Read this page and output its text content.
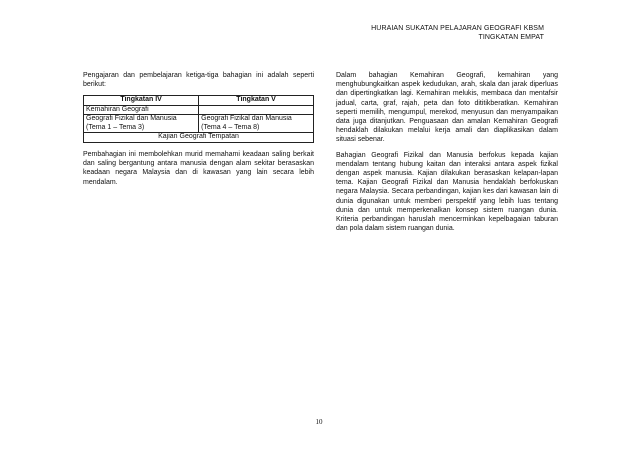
HURAIAN SUKATAN PELAJARAN GEOGRAFI KBSM
TINGKATAN EMPAT

Pengajaran dan pembelajaran ketiga-tiga bahagian ini adalah seperti berikut:

Tingkatan IV	Tingkatan V
Kemahiran Geografi	
Geografi Fizikal dan Manusia (Tema 1 – Tema 3)	Geografi Fizikal dan Manusia (Tema 4 – Tema 8)
Kajian Geografi Tempatan	

Pembahagian ini membolehkan murid memahami keadaan saling berkait dan saling bergantung antara manusia dengan alam sekitar berasaskan keadaan negara Malaysia dan di kawasan yang lain secara lebih mendalam.

Dalam bahagian Kemahiran Geografi, kemahiran yang menghubungkaitkan aspek kedudukan, arah, skala dan jarak diperluas dan dipertingkatkan lagi. Kemahiran melukis, membaca dan mentafsir jadual, carta, graf, rajah, peta dan foto dititikberatkan. Kemahiran seperti memilih, mengumpul, merekod, menyusun dan menyampaikan data juga ditanjutkan. Penguasaan dan amalan Kemahiran Geografi hendaklah dilakukan melalui kerja amali dan diaplikasikan dalam situasi sebenar.

Bahagian Geografi Fizikal dan Manusia berfokus kepada kajian mendalam tentang hubung kaitan dan interaksi antara aspek fizikal dengan aspek manusia. Kajian dilakukan berasaskan kelapan-lapan tema. Kajian Geografi Fizikal dan Manusia hendaklah berfokuskan negara Malaysia. Secara perbandingan, kajian kes dari kawasan lain di dunia digunakan untuk memberi perspektif yang lebih luas tentang dunia dan untuk memperkenalkan konsep sistem ruangan dunia. Kriteria perbandingan haruslah mencerminkan kepelbagaian taburan dan pola dalam sistem ruangan dunia.

10
